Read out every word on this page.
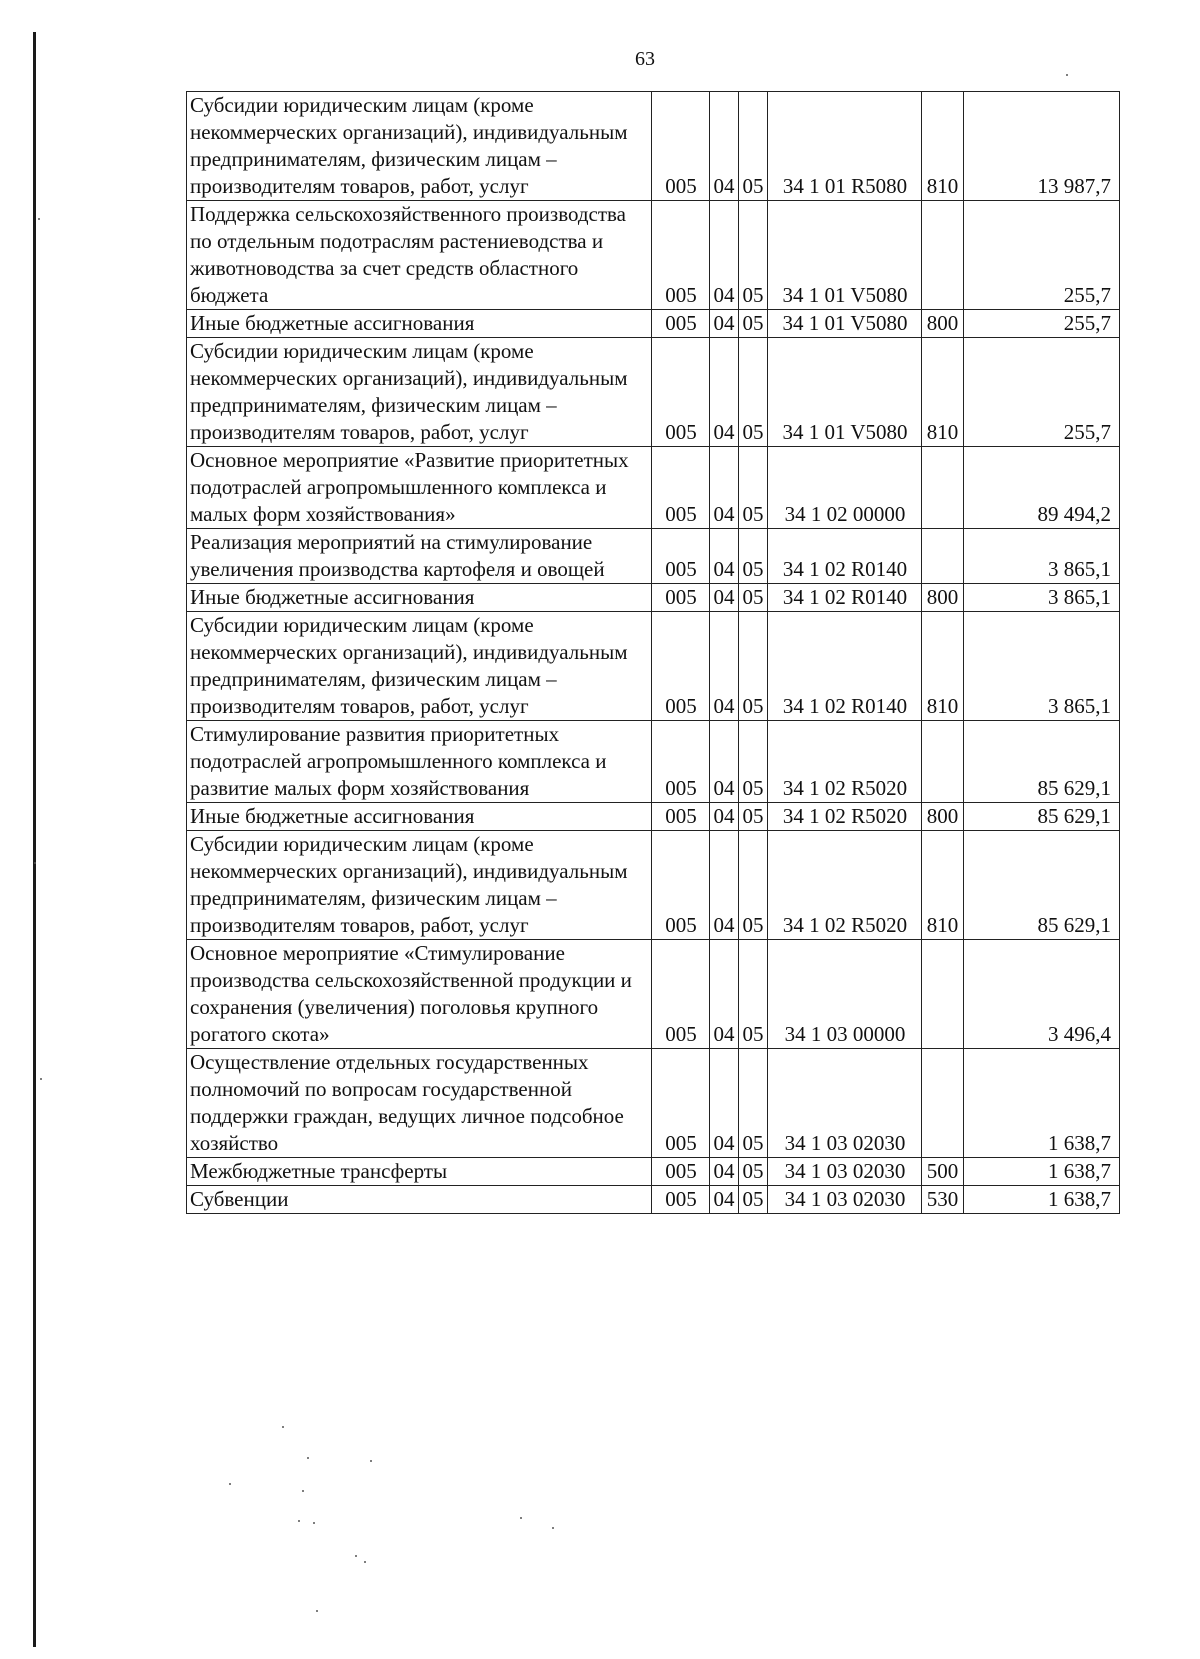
63
Субсидии юридическим лицам (кроме некоммерческих организаций), индивидуальным предпринимателям, физическим лицам – производителям товаров, работ, услуг	005	04	05	34 1 01 R5080	810	13 987,7
Поддержка сельскохозяйственного производства по отдельным подотраслям растениеводства и животноводства за счет средств областного бюджета	005	04	05	34 1 01 V5080		255,7
Иные бюджетные ассигнования	005	04	05	34 1 01 V5080	800	255,7
Субсидии юридическим лицам (кроме некоммерческих организаций), индивидуальным предпринимателям, физическим лицам – производителям товаров, работ, услуг	005	04	05	34 1 01 V5080	810	255,7
Основное мероприятие «Развитие приоритетных подотраслей агропромышленного комплекса и малых форм хозяйствования»	005	04	05	34 1 02 00000		89 494,2
Реализация мероприятий на стимулирование увеличения производства картофеля и овощей	005	04	05	34 1 02 R0140		3 865,1
Иные бюджетные ассигнования	005	04	05	34 1 02 R0140	800	3 865,1
Субсидии юридическим лицам (кроме некоммерческих организаций), индивидуальным предпринимателям, физическим лицам – производителям товаров, работ, услуг	005	04	05	34 1 02 R0140	810	3 865,1
Стимулирование развития приоритетных подотраслей агропромышленного комплекса и развитие малых форм хозяйствования	005	04	05	34 1 02 R5020		85 629,1
Иные бюджетные ассигнования	005	04	05	34 1 02 R5020	800	85 629,1
Субсидии юридическим лицам (кроме некоммерческих организаций), индивидуальным предпринимателям, физическим лицам – производителям товаров, работ, услуг	005	04	05	34 1 02 R5020	810	85 629,1
Основное мероприятие «Стимулирование производства сельскохозяйственной продукции и сохранения (увеличения) поголовья крупного рогатого скота»	005	04	05	34 1 03 00000		3 496,4
Осуществление отдельных государственных полномочий по вопросам государственной поддержки граждан, ведущих личное подсобное хозяйство	005	04	05	34 1 03 02030		1 638,7
Межбюджетные трансферты	005	04	05	34 1 03 02030	500	1 638,7
Субвенции	005	04	05	34 1 03 02030	530	1 638,7
